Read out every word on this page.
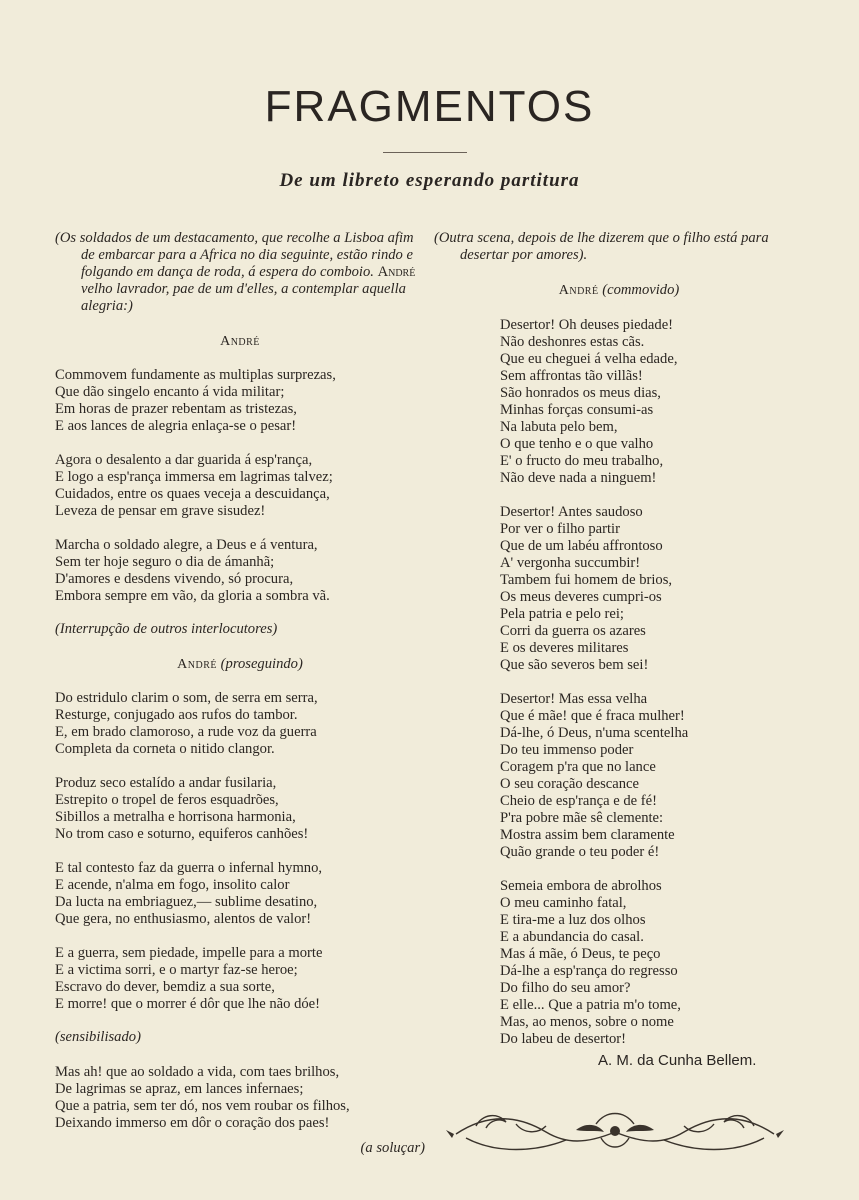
FRAGMENTOS
De um libreto esperando partitura

(Os soldados de um destacamento, que recolhe a Lisboa afim de embarcar para a Africa no dia seguinte, estão rindo e folgando em dança de roda, á espera do comboio. André velho lavrador, pae de um d'elles, a contemplar aquella alegria:)

André

Commovem fundamente as multiplas surprezas,
Que dão singelo encanto á vida militar;
Em horas de prazer rebentam as tristezas,
E aos lances de alegria enlaça-se o pesar!

Agora o desalento a dar guarida á esp'rança,
E logo a esp'rança immersa em lagrimas talvez;
Cuidados, entre os quaes veceja a descuidança,
Leveza de pensar em grave sisudez!

Marcha o soldado alegre, a Deus e á ventura,
Sem ter hoje seguro o dia de ámanhã;
D'amores e desdens vivendo, só procura,
Embora sempre em vão, da gloria a sombra vã.

(Interrupção de outros interlocutores)

André (proseguindo)

Do estridulo clarim o som, de serra em serra,
Resturge, conjugado aos rufos do tambor.
E, em brado clamoroso, a rude voz da guerra
Completa da corneta o nitido clangor.

Produz seco estalído a andar fusilaria,
Estrepito o tropel de feros esquadrões,
Sibillos a metralha e horrisona harmonia,
No trom caso e soturno, equiferos canhões!

E tal contesto faz da guerra o infernal hymno,
E acende, n'alma em fogo, insolito calor
Da lucta na embriaguez,— sublime desatino,
Que gera, no enthusiasmo, alentos de valor!

E a guerra, sem piedade, impelle para a morte
E a victima sorri, e o martyr faz-se heroe;
Escravo do dever, bemdiz a sua sorte,
E morre! que o morrer é dôr que lhe não dóe!

(sensibilisado)

Mas ah! que ao soldado a vida, com taes brilhos,
De lagrimas se apraz, em lances infernaes;
Que a patria, sem ter dó, nos vem roubar os filhos,
Deixando immerso em dôr o coração dos paes!

(a soluçar)

(Outra scena, depois de lhe dizerem que o filho está para desertar por amores).

André (commovido)

Desertor! Oh deuses piedade!
Não deshonres estas cãs.
Que eu cheguei á velha edade,
Sem affrontas tão villãs!
São honrados os meus dias,
Minhas forças consumi-as
Na labuta pelo bem,
O que tenho e o que valho
E' o fructo do meu trabalho,
Não deve nada a ninguem!

Desertor! Antes saudoso
Por ver o filho partir
Que de um labéu affrontoso
A' vergonha succumbir!
Tambem fui homem de brios,
Os meus deveres cumpri-os
Pela patria e pelo rei;
Corri da guerra os azares
E os deveres militares
Que são severos bem sei!

Desertor! Mas essa velha
Que é mãe! que é fraca mulher!
Dá-lhe, ó Deus, n'uma scentelha
Do teu immenso poder
Coragem p'ra que no lance
O seu coração descance
Cheio de esp'rança e de fé!
P'ra pobre mãe sê clemente:
Mostra assim bem claramente
Quão grande o teu poder é!

Semeia embora de abrolhos
O meu caminho fatal,
E tira-me a luz dos olhos
E a abundancia do casal.
Mas á mãe, ó Deus, te peço
Dá-lhe a esp'rança do regresso
Do filho do seu amor?
E elle... Que a patria m'o tome,
Mas, ao menos, sobre o nome
Do labeu de desertor!

A. M. da Cunha Bellem.
